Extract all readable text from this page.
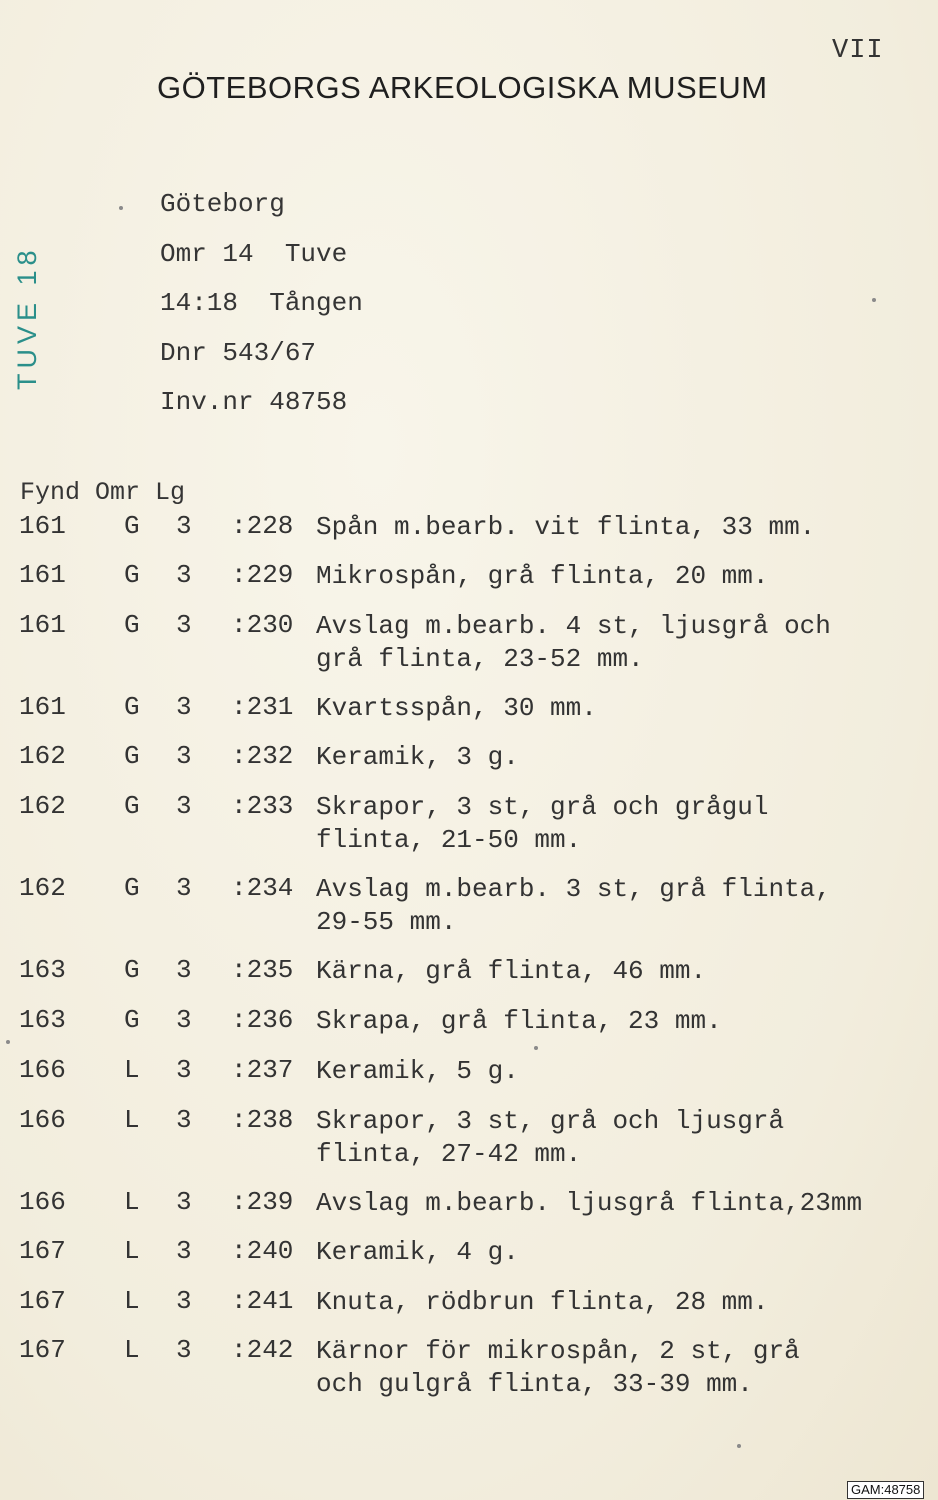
VII
GÖTEBORGS ARKEOLOGISKA MUSEUM
TUVE 18
Göteborg
Omr 14  Tuve
14:18  Tången
Dnr 543/67
Inv.nr 48758
Fynd Omr Lg
161 G 3 :228 Spån m.bearb. vit flinta, 33 mm.
161 G 3 :229 Mikrospån, grå flinta, 20 mm.
161 G 3 :230 Avslag m.bearb. 4 st, ljusgrå och
grå flinta, 23-52 mm.
161 G 3 :231 Kvartsspån, 30 mm.
162 G 3 :232 Keramik, 3 g.
162 G 3 :233 Skrapor, 3 st, grå och grågul
flinta, 21-50 mm.
162 G 3 :234 Avslag m.bearb. 3 st, grå flinta,
29-55 mm.
163 G 3 :235 Kärna, grå flinta, 46 mm.
163 G 3 :236 Skrapa, grå flinta, 23 mm.
166 L 3 :237 Keramik, 5 g.
166 L 3 :238 Skrapor, 3 st, grå och ljusgrå
flinta, 27-42 mm.
166 L 3 :239 Avslag m.bearb. ljusgrå flinta,23mm
167 L 3 :240 Keramik, 4 g.
167 L 3 :241 Knuta, rödbrun flinta, 28 mm.
167 L 3 :242 Kärnor för mikrospån, 2 st, grå
och gulgrå flinta, 33-39 mm.
GAM:48758
